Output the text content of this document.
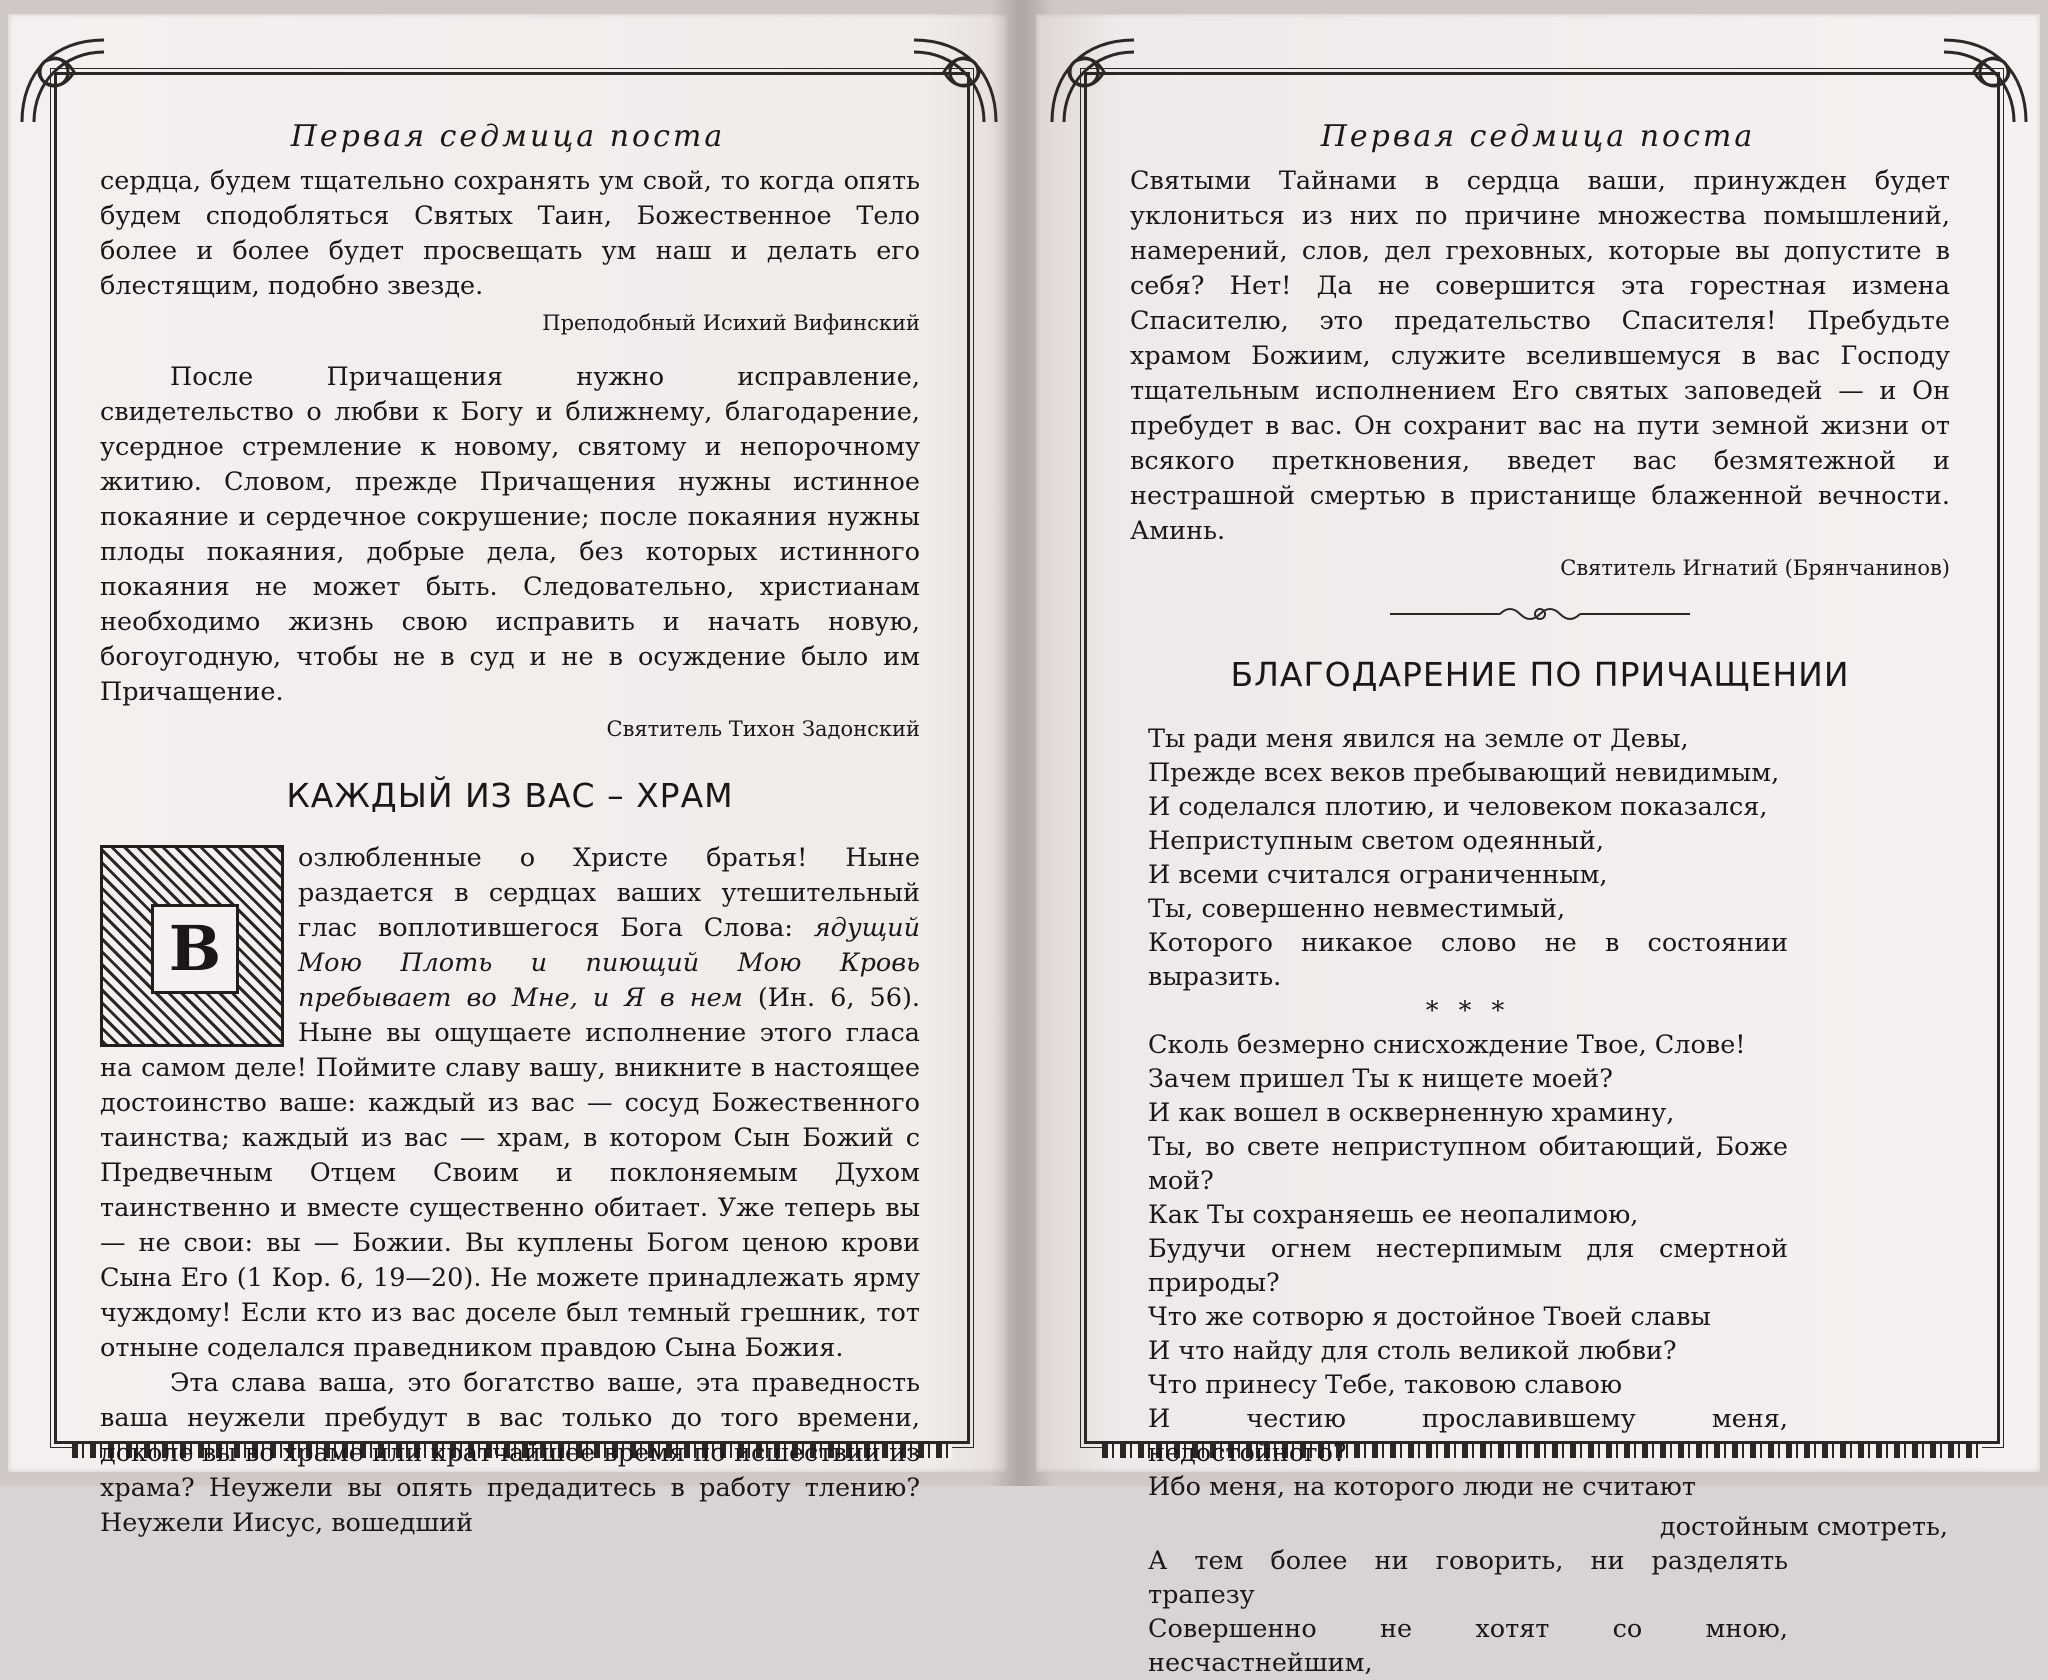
Первая седмица поста

сердца, будем тщательно сохранять ум свой, то когда опять будем сподобляться Святых Таин, Божественное Тело более и более будет просвещать ум наш и делать его блестящим, подобно звезде.

Преподобный Исихий Вифинский

После Причащения нужно исправление, свидетельство о любви к Богу и ближнему, благодарение, усердное стремление к новому, святому и непорочному житию. Словом, прежде Причащения нужны истинное покаяние и сердечное сокрушение; после покаяния нужны плоды покаяния, добрые дела, без которых истинного покаяния не может быть. Следовательно, христианам необходимо жизнь свою исправить и начать новую, богоугодную, чтобы не в суд и не в осуждение было им Причащение.

Святитель Тихон Задонский

КАЖДЫЙ ИЗ ВАС – ХРАМ

В

озлюбленные о Христе братья! Ныне раздается в сердцах ваших утешительный глас воплотившегося Бога Слова: ядущий Мою Плоть и пиющий Мою Кровь пребывает во Мне, и Я в нем (Ин. 6, 56). Ныне вы ощущаете исполнение этого гласа на самом деле! Поймите славу вашу, вникните в настоящее достоинство ваше: каждый из вас — сосуд Божественного таинства; каждый из вас — храм, в котором Сын Божий с Предвечным Отцем Своим и поклоняемым Духом таинственно и вместе существенно обитает. Уже теперь вы — не свои: вы — Божии. Вы куплены Богом ценою крови Сына Его (1 Кор. 6, 19—20). Не можете принадлежать ярму чуждому! Если кто из вас доселе был темный грешник, тот отныне соделался праведником правдою Сына Божия.

Эта слава ваша, это богатство ваше, эта праведность ваша неужели пребудут в вас только до того времени, доколе вы во храме или кратчайшее время по исшествии из храма? Неужели вы опять предадитесь в работу тлению? Неужели Иисус, вошедший

Первая седмица поста

Святыми Тайнами в сердца ваши, принужден будет уклониться из них по причине множества помышлений, намерений, слов, дел греховных, которые вы допустите в себя? Нет! Да не совершится эта горестная измена Спасителю, это предательство Спасителя! Пребудьте храмом Божиим, служите вселившемуся в вас Господу тщательным исполнением Его святых заповедей — и Он пребудет в вас. Он сохранит вас на пути земной жизни от всякого преткновения, введет вас безмятежной и нестрашной смертью в пристанище блаженной вечности. Аминь.

Святитель Игнатий (Брянчанинов)

БЛАГОДАРЕНИЕ ПО ПРИЧАЩЕНИИ

Ты ради меня явился на земле от Девы,

Прежде всех веков пребывающий невидимым,

И соделался плотию, и человеком показался,

Неприступным светом одеянный,

И всеми считался ограниченным,

Ты, совершенно невместимый,

Которого никакое слово не в состоянии выразить.

* * *

Сколь безмерно снисхождение Твое, Слове!

Зачем пришел Ты к нищете моей?

И как вошел в оскверненную храмину,

Ты, во свете неприступном обитающий, Боже мой?

Как Ты сохраняешь ее неопалимою,

Будучи огнем нестерпимым для смертной природы?

Что же сотворю я достойное Твоей славы

И что найду для столь великой любви?

Что принесу Тебе, таковою славою

И честию прославившему меня, недостойного?

Ибо меня, на которого люди не считают

достойным смотреть,

А тем более ни говорить, ни разделять трапезу

Совершенно не хотят со мною, несчастнейшим,
